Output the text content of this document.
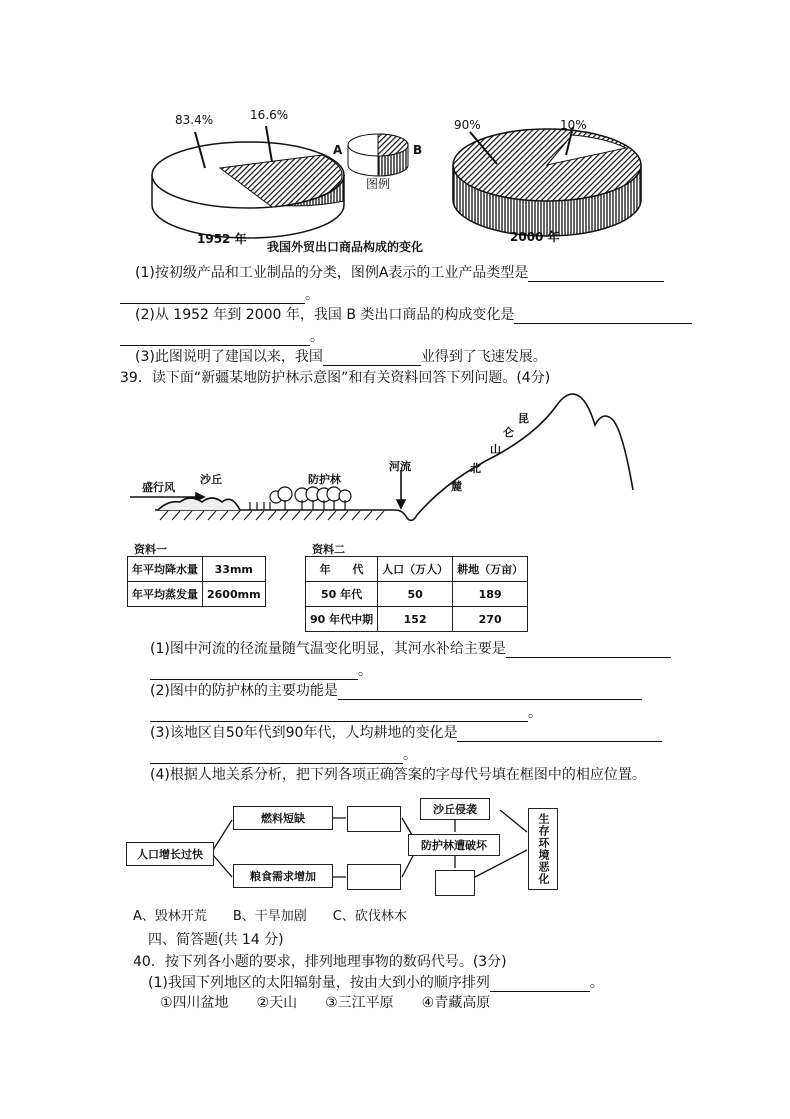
83.4%	16.6%
A	B
图例
90%	10%
1952 年	2000 年
我国外贸出口商品构成的变化
(1)按初级产品和工业制品的分类，图例A表示的工业产品类型是
。
(2)从 1952 年到 2000 年，我国 B 类出口商品的构成变化是
。
(3)此图说明了建国以来，我国	业得到了飞速发展。
39．读下面“新疆某地防护林示意图”和有关资料回答下列问题。(4分)
盛行风
沙丘	防护林
河流
昆
仑
山
北
麓
资料一
年平均降水量	33mm
年平均蒸发量	2600mm
资料二
年　　代	人口（万人）	耕地（万亩）
50 年代	50	189
90 年代中期	152	270
(1)图中河流的径流量随气温变化明显，其河水补给主要是
。
(2)图中的防护林的主要功能是
。
(3)该地区自50年代到90年代，人均耕地的变化是
。
(4)根据人地关系分析，把下列各项正确答案的字母代号填在框图中的相应位置。
人口增长过快
燃料短缺
粮食需求增加
防护林遭破坏
沙丘侵袭
生存环境恶化
A、毁林开荒　　B、干旱加剧　　C、砍伐林木
四、简答题(共 14 分)
40．按下列各小题的要求，排列地理事物的数码代号。(3分)
(1)我国下列地区的太阳辐射量，按由大到小的顺序排列	。
①四川盆地　　②天山　　③三江平原　　④青藏高原
